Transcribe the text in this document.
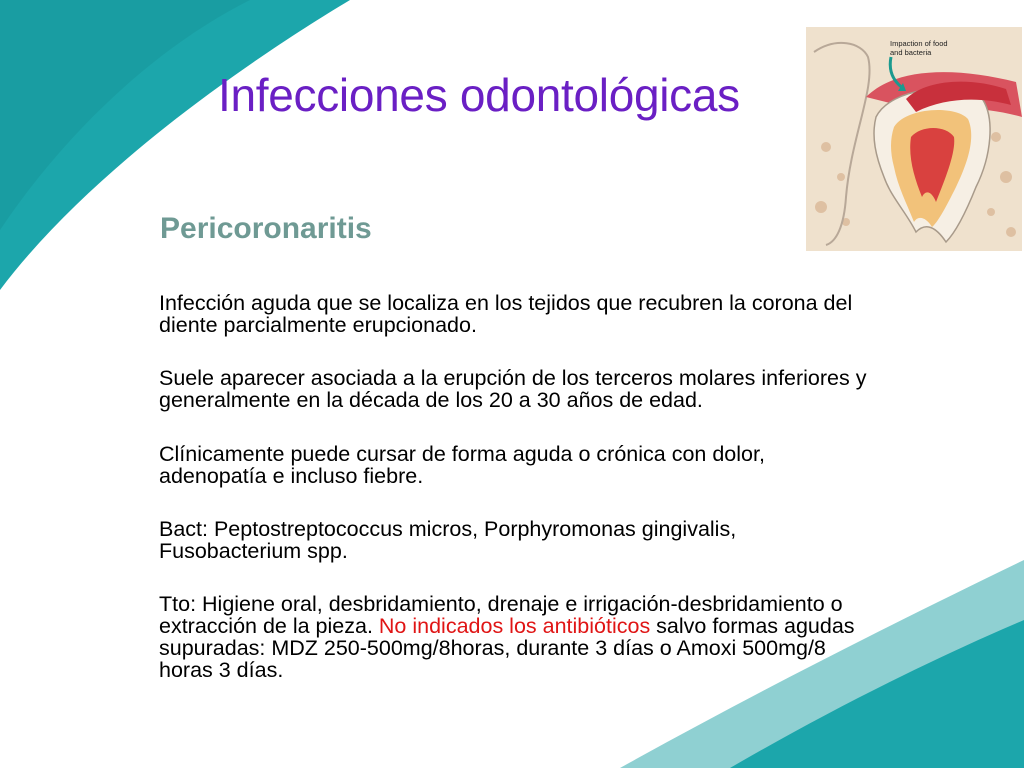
Infecciones odontológicas
Impaction of food
and bacteria
Pericoronaritis
Infección aguda que se localiza en los tejidos que recubren la corona del
diente parcialmente erupcionado.
Suele aparecer asociada a la erupción de los terceros molares inferiores y
generalmente en la década de los 20 a 30 años de edad.
Clínicamente puede cursar de forma aguda o crónica con dolor,
adenopatía e incluso fiebre.
Bact: Peptostreptococcus micros, Porphyromonas gingivalis,
Fusobacterium spp.
Tto: Higiene oral, desbridamiento, drenaje e irrigación-desbridamiento o
extracción de la pieza. No indicados los antibióticos salvo formas agudas
supuradas: MDZ 250-500mg/8horas, durante 3 días o Amoxi 500mg/8
horas 3 días.
